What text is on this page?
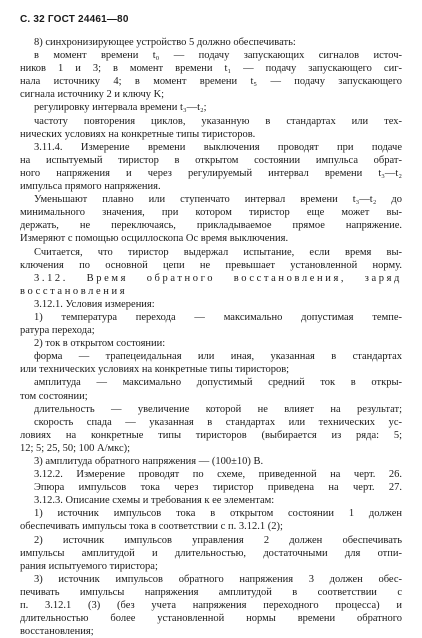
С. 32 ГОСТ 24461—80
8) синхронизирующее устройство 5 должно обеспечивать:
в момент времени t₀ — подачу запускающих сигналов источ-
ников 1 и 3; в момент времени t₁ — подачу запускающего сиг-
нала источнику 4; в момент времени t₅ — подачу запускающего
сигнала источнику 2 и ключу K;
регулировку интервала времени t₃—t₂;
частоту повторения циклов, указанную в стандартах или тех-
нических условиях на конкретные типы тиристоров.
3.11.4. Измерение времени выключения проводят при подаче
на испытуемый тиристор в открытом состоянии импульса обрат-
ного напряжения и через регулируемый интервал времени t₃—t₂
импульса прямого напряжения.
Уменьшают плавно или ступенчато интервал времени t₃—t₂ до
минимального значения, при котором тиристор еще может вы-
держать, не переключаясь, прикладываемое прямое напряжение.
Измеряют с помощью осциллоскопа Ос время выключения.
Считается, что тиристор выдержал испытание, если время вы-
ключения по основной цепи не превышает установленной норму.
3.12. Время обратного восстановления, заряд
восстановления
3.12.1. Условия измерения:
1) температура перехода — максимально допустимая темпе-
ратура перехода;
2) ток в открытом состоянии:
форма — трапецеидальная или иная, указанная в стандартах
или технических условиях на конкретные типы тиристоров;
амплитуда — максимально допустимый средний ток в откры-
том состоянии;
длительность — увеличение которой не влияет на результат;
скорость спада — указанная в стандартах или технических ус-
ловиях на конкретные типы тиристоров (выбирается из ряда: 5;
12; 5; 25, 50; 100 А/мкс);
3) амплитуда обратного напряжения — (100±10) В.
3.12.2. Измерение проводят по схеме, приведенной на черт. 26.
Эпюра импульсов тока через тиристор приведена на черт. 27.
3.12.3. Описание схемы и требования к ее элементам:
1) источник импульсов тока в открытом состоянии 1 должен
обеспечивать импульсы тока в соответствии с п. 3.12.1 (2);
2) источник импульсов управления 2 должен обеспечивать
импульсы амплитудой и длительностью, достаточными для отпи-
рания испытуемого тиристора;
3) источник импульсов обратного напряжения 3 должен обес-
печивать импульсы напряжения амплитудой в соответствии с
п. 3.12.1 (3) (без учета напряжения переходного процесса) и
длительностью более установленной нормы времени обратного
восстановления;
